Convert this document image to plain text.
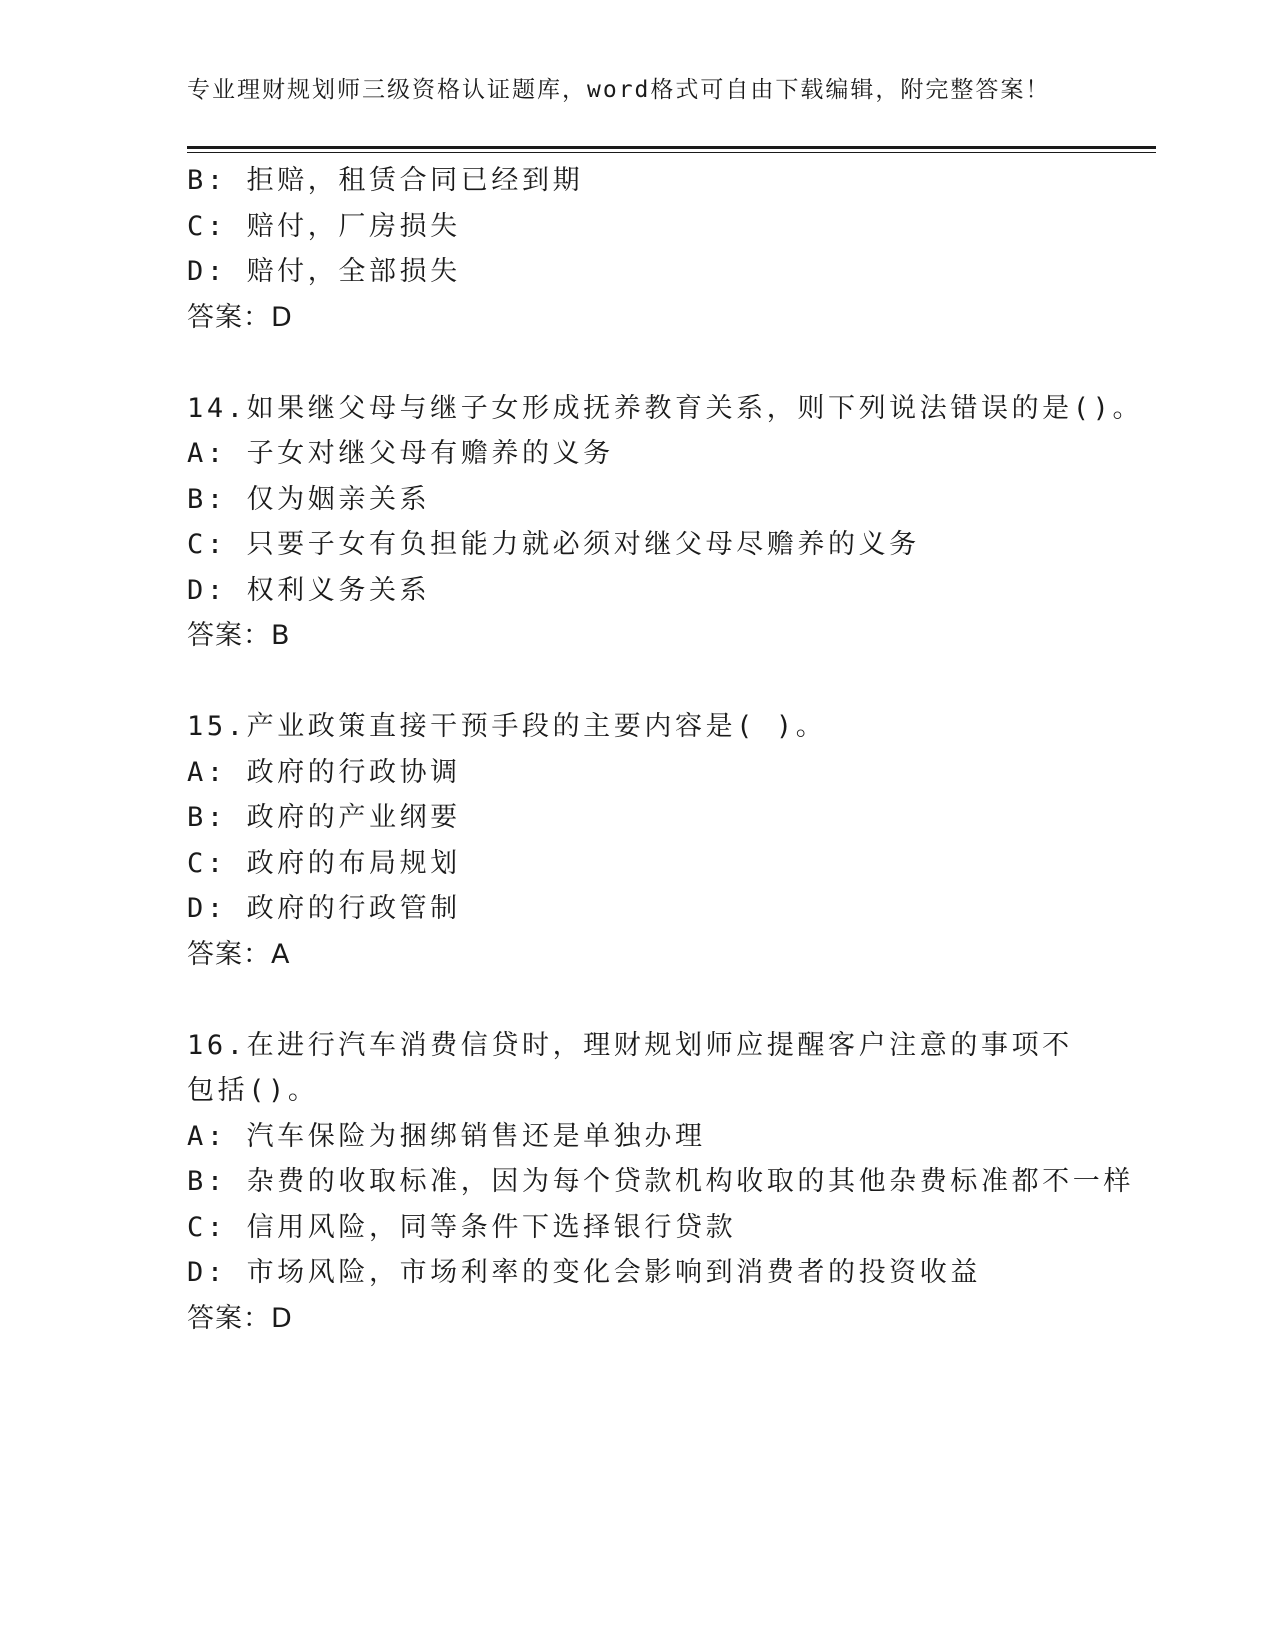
专业理财规划师三级资格认证题库，word格式可自由下载编辑，附完整答案！
B: 拒赔，租赁合同已经到期
C: 赔付，厂房损失
D: 赔付，全部损失
答案：D
14.如果继父母与继子女形成抚养教育关系，则下列说法错误的是()。
A: 子女对继父母有赡养的义务
B: 仅为姻亲关系
C: 只要子女有负担能力就必须对继父母尽赡养的义务
D: 权利义务关系
答案：B
15.产业政策直接干预手段的主要内容是( )。
A: 政府的行政协调
B: 政府的产业纲要
C: 政府的布局规划
D: 政府的行政管制
答案：A
16.在进行汽车消费信贷时，理财规划师应提醒客户注意的事项不包括()。
A: 汽车保险为捆绑销售还是单独办理
B: 杂费的收取标准，因为每个贷款机构收取的其他杂费标准都不一样
C: 信用风险，同等条件下选择银行贷款
D: 市场风险，市场利率的变化会影响到消费者的投资收益
答案：D
